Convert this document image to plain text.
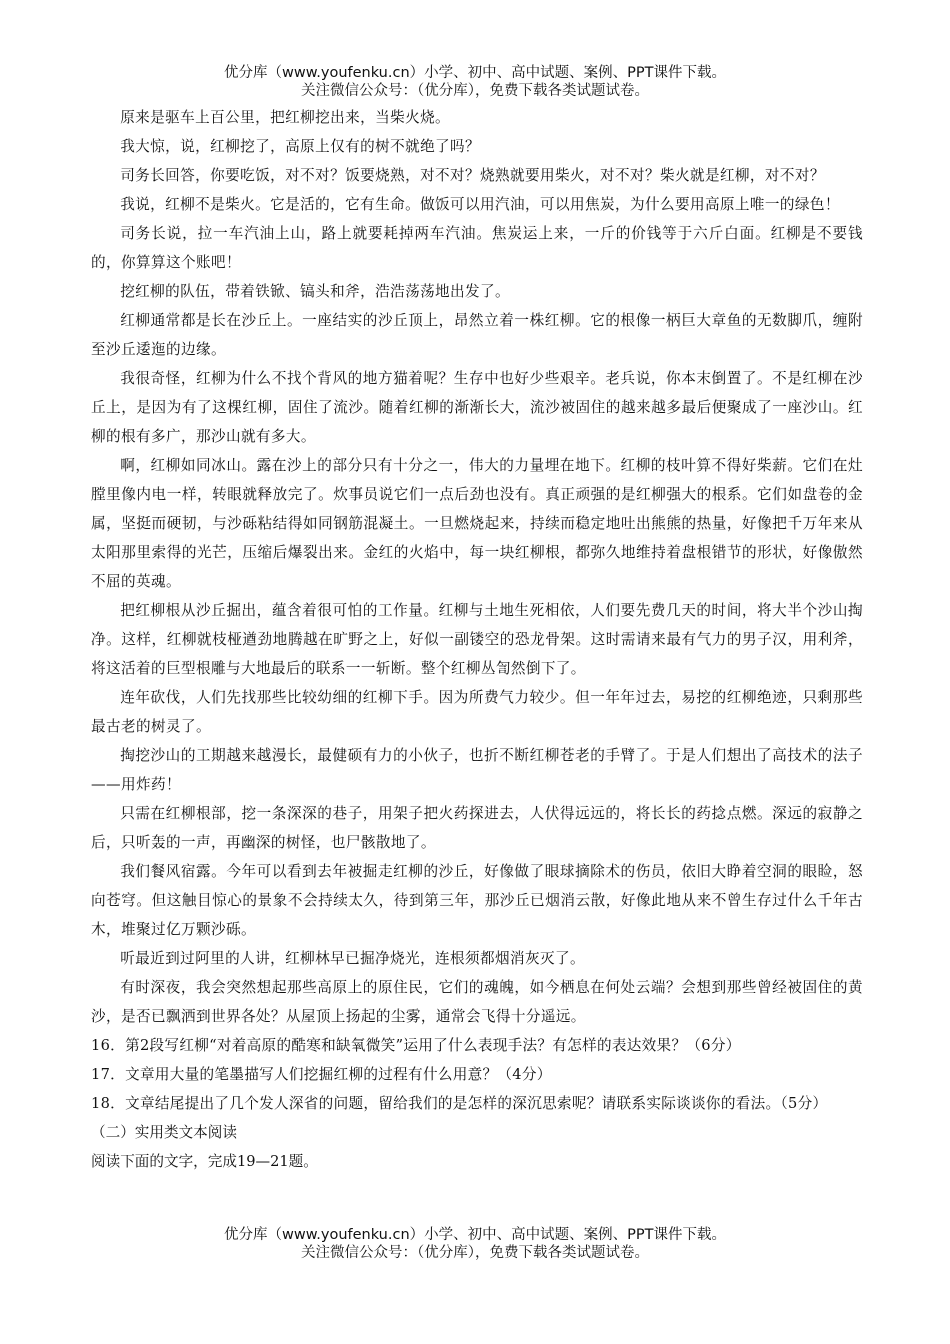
优分库（www.youfenku.cn）小学、初中、高中试题、案例、PPT课件下载。
关注微信公众号：（优分库），免费下载各类试题试卷。

原来是驱车上百公里，把红柳挖出来，当柴火烧。

我大惊，说，红柳挖了，高原上仅有的树不就绝了吗？

司务长回答，你要吃饭，对不对？饭要烧熟，对不对？烧熟就要用柴火，对不对？柴火就是红柳，对不对？

我说，红柳不是柴火。它是活的，它有生命。做饭可以用汽油，可以用焦炭，为什么要用高原上唯一的绿色！

司务长说，拉一车汽油上山，路上就要耗掉两车汽油。焦炭运上来，一斤的价钱等于六斤白面。红柳是不要钱的，你算算这个账吧！

挖红柳的队伍，带着铁锨、镐头和斧，浩浩荡荡地出发了。

红柳通常都是长在沙丘上。一座结实的沙丘顶上，昂然立着一株红柳。它的根像一柄巨大章鱼的无数脚爪，缠附至沙丘逶迤的边缘。

我很奇怪，红柳为什么不找个背风的地方猫着呢？生存中也好少些艰辛。老兵说，你本末倒置了。不是红柳在沙丘上，是因为有了这棵红柳，固住了流沙。随着红柳的渐渐长大，流沙被固住的越来越多最后便聚成了一座沙山。红柳的根有多广，那沙山就有多大。

啊，红柳如同冰山。露在沙上的部分只有十分之一，伟大的力量埋在地下。红柳的枝叶算不得好柴薪。它们在灶膛里像内电一样，转眼就释放完了。炊事员说它们一点后劲也没有。真正顽强的是红柳强大的根系。它们如盘卷的金属，坚挺而硬韧，与沙砾粘结得如同钢筋混凝土。一旦燃烧起来，持续而稳定地吐出熊熊的热量，好像把千万年来从太阳那里索得的光芒，压缩后爆裂出来。金红的火焰中，每一块红柳根，都弥久地维持着盘根错节的形状，好像傲然不屈的英魂。

把红柳根从沙丘掘出，蕴含着很可怕的工作量。红柳与土地生死相依，人们要先费几天的时间，将大半个沙山掏净。这样，红柳就枝桠遒劲地腾越在旷野之上，好似一副镂空的恐龙骨架。这时需请来最有气力的男子汉，用利斧，将这活着的巨型根雕与大地最后的联系一一斩断。整个红柳丛訇然倒下了。

连年砍伐，人们先找那些比较幼细的红柳下手。因为所费气力较少。但一年年过去，易挖的红柳绝迹，只剩那些最古老的树灵了。

掏挖沙山的工期越来越漫长，最健硕有力的小伙子，也折不断红柳苍老的手臂了。于是人们想出了高技术的法子——用炸药！

只需在红柳根部，挖一条深深的巷子，用架子把火药探进去，人伏得远远的，将长长的药捻点燃。深远的寂静之后，只听轰的一声，再幽深的树怪，也尸骸散地了。

我们餐风宿露。今年可以看到去年被掘走红柳的沙丘，好像做了眼球摘除术的伤员，依旧大睁着空洞的眼睑，怒向苍穹。但这触目惊心的景象不会持续太久，待到第三年，那沙丘已烟消云散，好像此地从来不曾生存过什么千年古木，堆聚过亿万颗沙砾。

听最近到过阿里的人讲，红柳林早已掘净烧光，连根须都烟消灰灭了。

有时深夜，我会突然想起那些高原上的原住民，它们的魂魄，如今栖息在何处云端？会想到那些曾经被固住的黄沙，是否已飘洒到世界各处？从屋顶上扬起的尘雾，通常会飞得十分遥远。

16．第2段写红柳“对着高原的酷寒和缺氧微笑”运用了什么表现手法？有怎样的表达效果？（6分）

17．文章用大量的笔墨描写人们挖掘红柳的过程有什么用意？（4分）

18．文章结尾提出了几个发人深省的问题，留给我们的是怎样的深沉思索呢？请联系实际谈谈你的看法。（5分）

（二）实用类文本阅读

阅读下面的文字，完成19—21题。

优分库（www.youfenku.cn）小学、初中、高中试题、案例、PPT课件下载。
关注微信公众号：（优分库），免费下载各类试题试卷。
